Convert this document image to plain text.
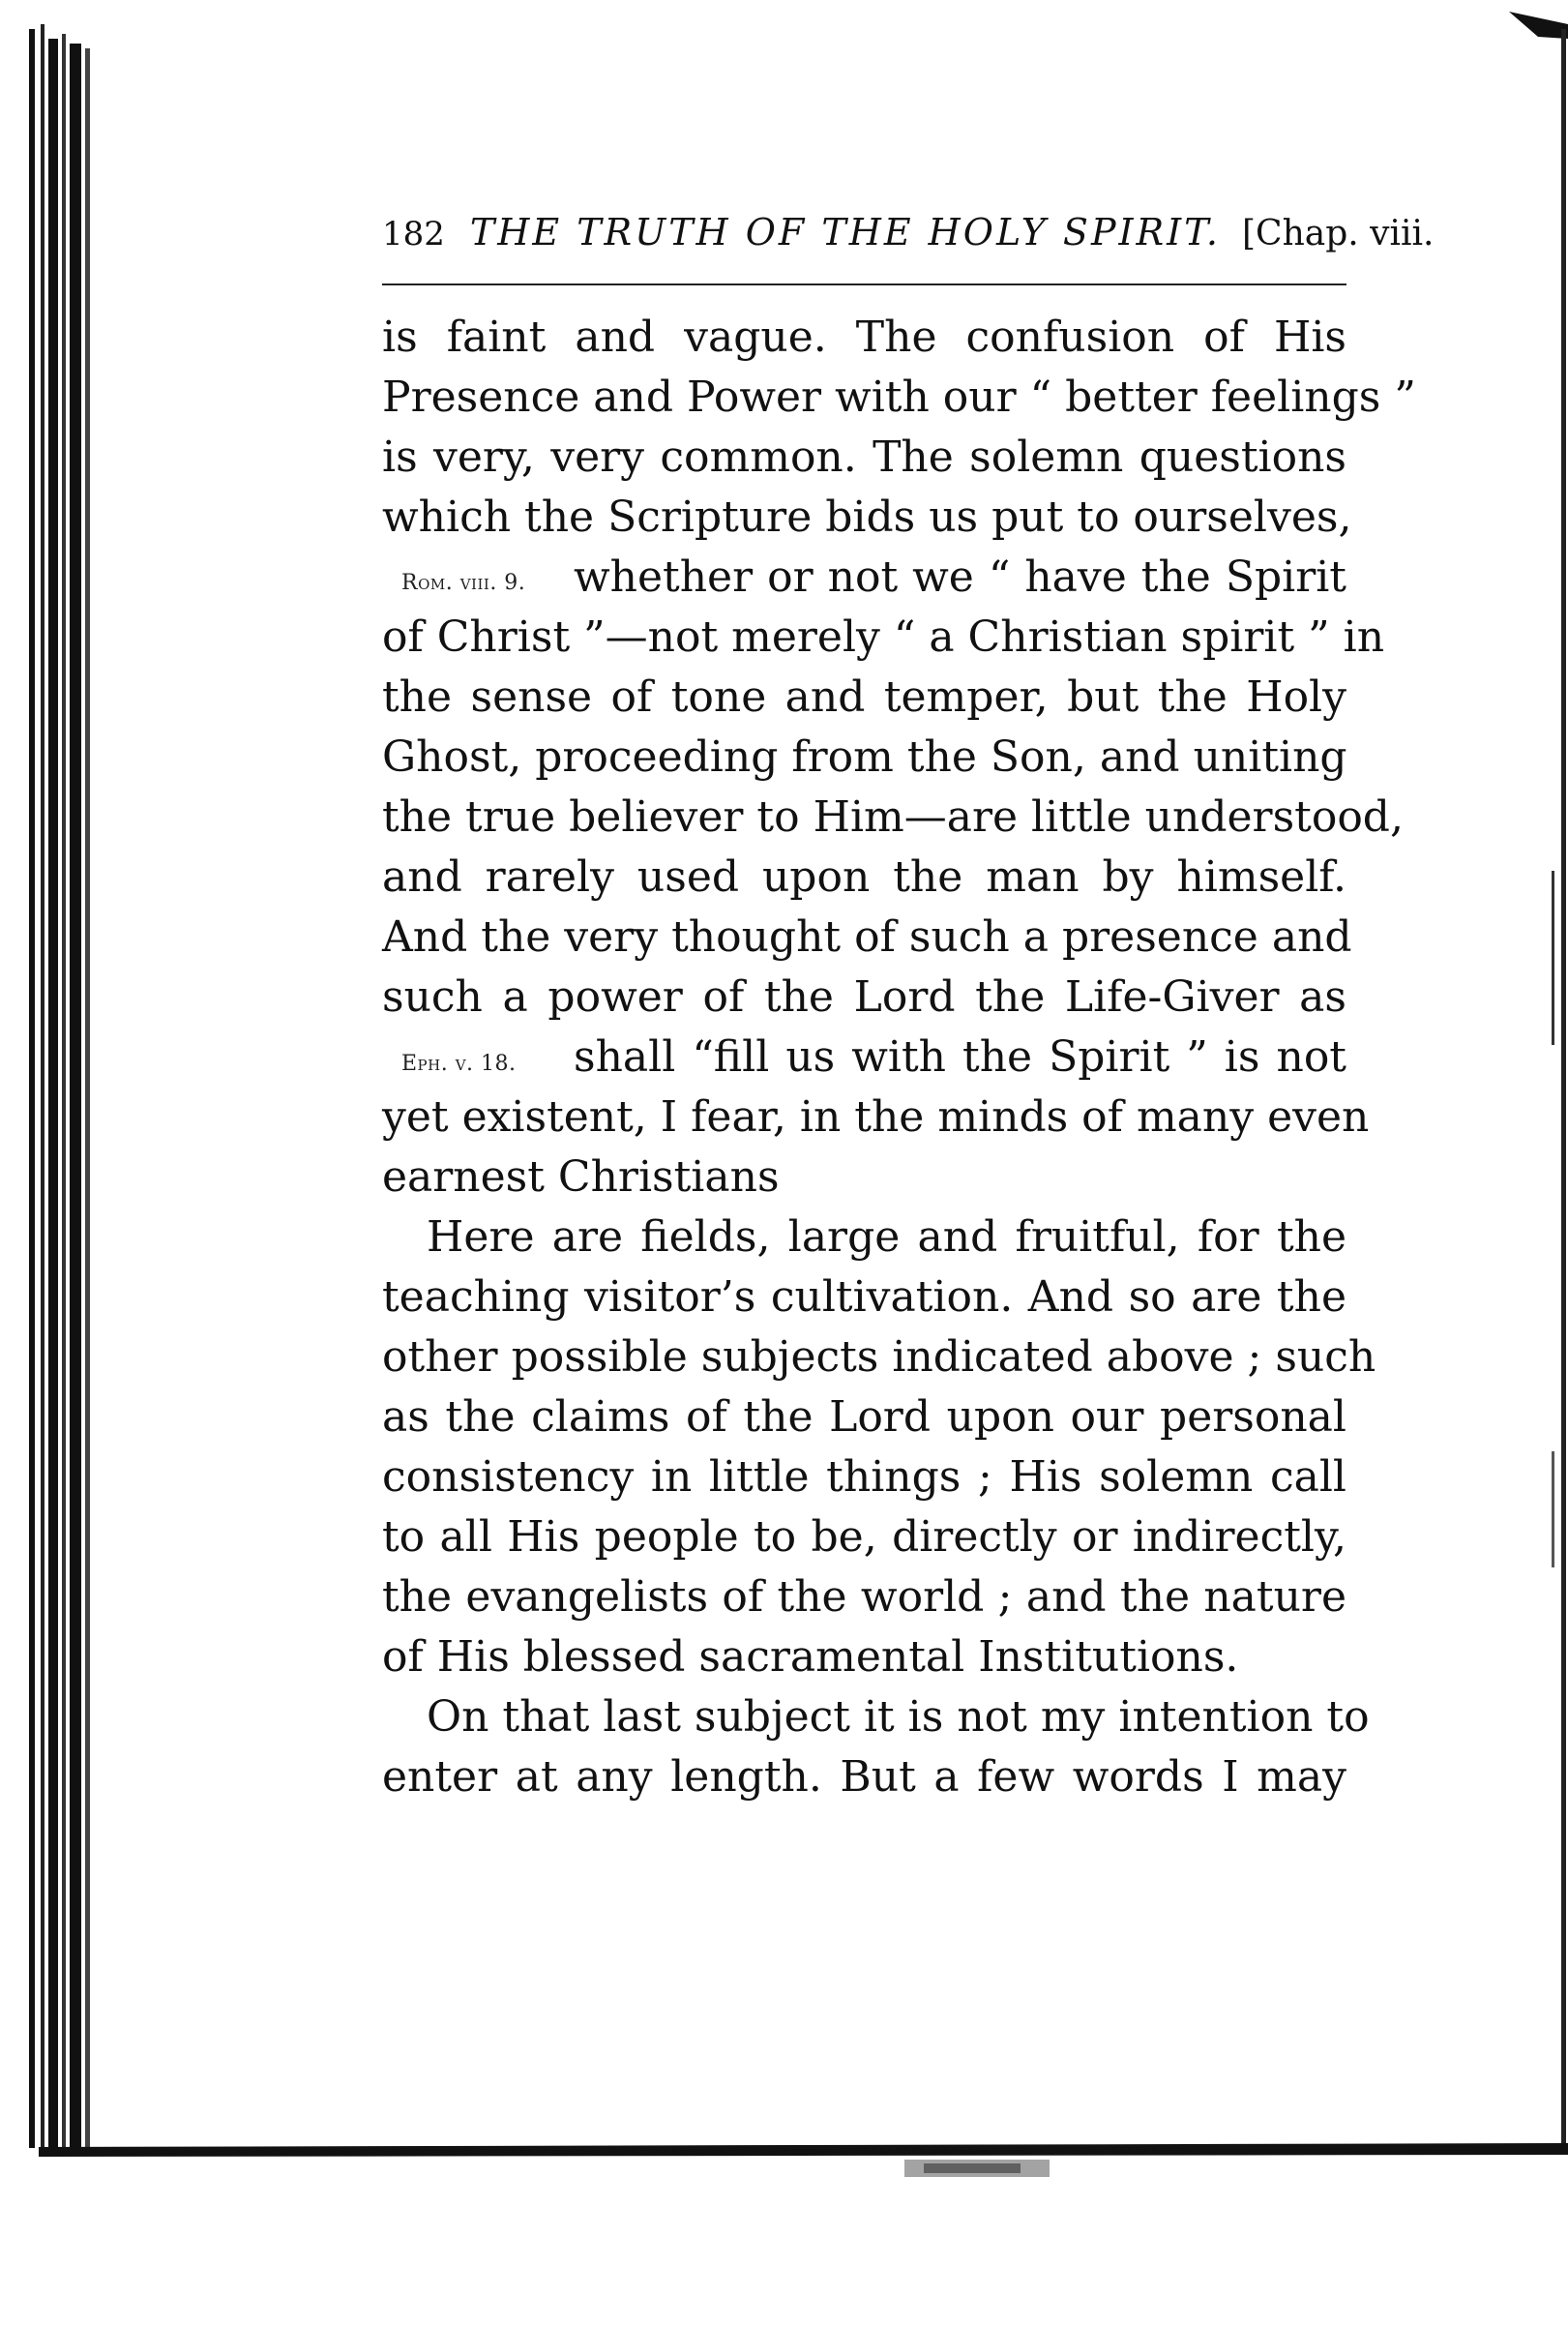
182 THE TRUTH OF THE HOLY SPIRIT. [Chap. viii.
Rom. viii. 9.
Eph. v. 18.
is faint and vague. The confusion of His
Presence and Power with our “ better feelings ”
is very, very common. The solemn questions
which the Scripture bids us put to ourselves,
whether or not we “ have the Spirit
of Christ ”—not merely “ a Christian spirit ” in
the sense of tone and temper, but the Holy
Ghost, proceeding from the Son, and uniting
the true believer to Him—are little understood,
and rarely used upon the man by himself.
And the very thought of such a presence and
such a power of the Lord the Life-Giver as
shall “fill us with the Spirit ” is not
yet existent, I fear, in the minds of many even
earnest Christians
Here are fields, large and fruitful, for the
teaching visitor’s cultivation. And so are the
other possible subjects indicated above ; such
as the claims of the Lord upon our personal
consistency in little things ; His solemn call
to all His people to be, directly or indirectly,
the evangelists of the world ; and the nature
of His blessed sacramental Institutions.
On that last subject it is not my intention to
enter at any length. But a few words I may
